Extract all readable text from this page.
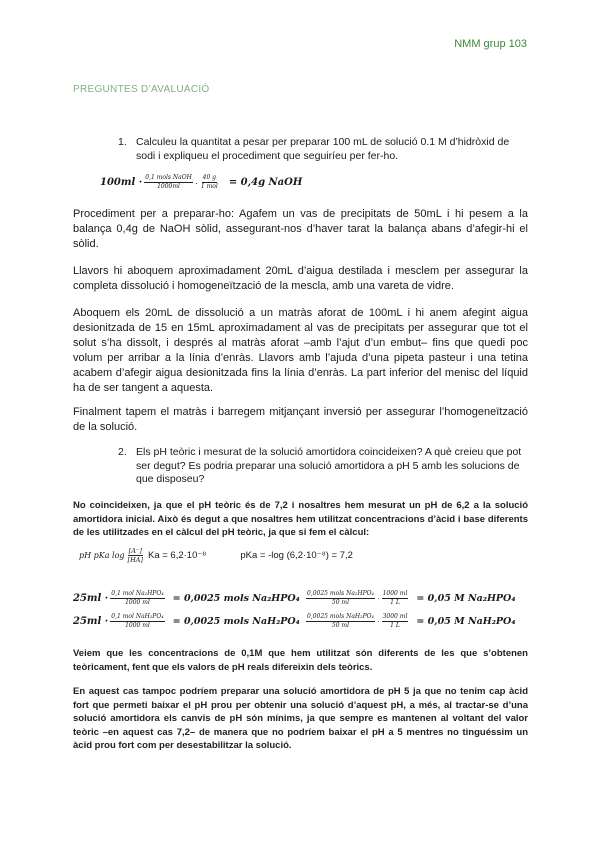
NMM grup 103
PREGUNTES D’AVALUACIÓ
1. Calculeu la quantitat a pesar per preparar 100 mL de solució 0.1 M d’hidròxid de sodi i expliqueu el procediment que seguiríeu per fer-ho.
$100ml \cdot \frac{\text{0,1 mols NaOH}}{1000ml} \cdot \frac{40 g}{\text{1 mol}} = 0,4g$ NaOH
Procediment per a preparar-ho: Agafem un vas de precipitats de 50mL i hi pesem a la balança 0,4g de NaOH sòlid, assegurant-nos d’haver tarat la balança abans d’afegir-hi el sòlid.
Llavors hi aboquem aproximadament 20mL d’aigua destilada i mesclem per assegurar la completa dissolució i homogeneïtzació de la mescla, amb una vareta de vidre.
Aboquem els 20mL de dissolució a un matràs aforat de 100mL i hi anem afegint aigua desionitzada de 15 en 15mL aproximadament al vas de precipitats per assegurar que tot el solut s’ha dissolt, i després al matràs aforat –amb l’ajut d’un embut– fins que quedi poc volum per arribar a la línia d’enràs. Llavors amb l’ajuda d’una pipeta pasteur i una tetina acabem d’afegir aigua desionitzada fins la línia d’enràs. La part inferior del menisc del líquid ha de ser tangent a aquesta.
Finalment tapem el matràs i barregem mitjançant inversió per assegurar l’homogeneïtzació de la solució.
2. Els pH teòric i mesurat de la solució amortidora coincideixen? A què creieu que pot ser degut? Es podria preparar una solució amortidora a pH 5 amb les solucions de que disposeu?
No coincideixen, ja que el pH teòric és de 7,2 i nosaltres hem mesurat un pH de 6,2 a la solució amortidora inicial. Això és degut a que nosaltres hem utilitzat concentracions d’àcid i base diferents de les utilitzades en el càlcul del pH teòric, ja que si fem el càlcul:
pH pKa $\log \frac{[A^-]}{[HA]}$ Ka = 6,2·10⁻⁸	pKa = -log (6,2·10⁻⁸) = 7,2
$25ml \cdot \frac{\text{0,1 mol Na₂HPO₄}}{1000 ml} = 0,0025$ mols $Na_2HPO_4 \frac{\text{0,0025 mols Na₂HPO₄}}{50 ml} \cdot \frac{1000 ml}{1 L} = 0,05$ M Na₂HPO₄
$25ml \cdot \frac{\text{0,1 mol NaH₂PO₄}}{1000 ml} = 0,0025$ mols $NaH_2PO_4 \frac{\text{0,0025 mols NaH₂PO₄}}{50 ml} \cdot \frac{3000 ml}{1 L} = 0,05$ M NaH₂PO₄
Veiem que les concentracions de 0,1M que hem utilitzat són diferents de les que s’obtenen teòricament, fent que els valors de pH reals difereixin dels teòrics.
En aquest cas tampoc podríem preparar una solució amortidora de pH 5 ja que no tenim cap àcid fort que permeti baixar el pH prou per obtenir una solució d’aquest pH, a més, al tractar-se d’una solució amortidora els canvis de pH són mínims, ja que sempre es mantenen al voltant del valor teòric –en aquest cas 7,2– de manera que no podríem baixar el pH a 5 mentres no tinguéssim un àcid prou fort com per desestabilitzar la solució.
